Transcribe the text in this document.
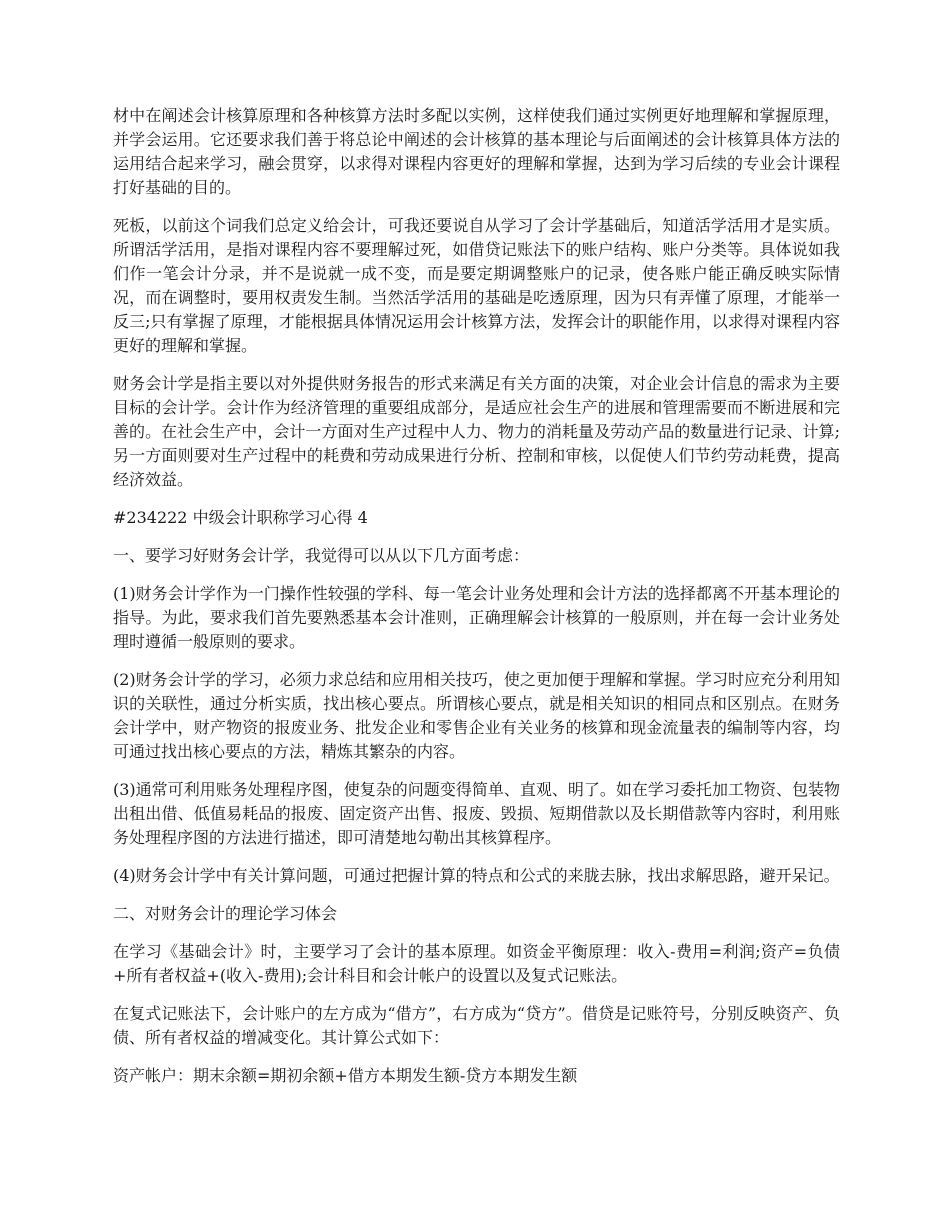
材中在阐述会计核算原理和各种核算方法时多配以实例，这样使我们通过实例更好地理解和掌握原理，并学会运用。它还要求我们善于将总论中阐述的会计核算的基本理论与后面阐述的会计核算具体方法的运用结合起来学习，融会贯穿，以求得对课程内容更好的理解和掌握，达到为学习后续的专业会计课程打好基础的目的。

死板，以前这个词我们总定义给会计，可我还要说自从学习了会计学基础后，知道活学活用才是实质。所谓活学活用，是指对课程内容不要理解过死，如借贷记账法下的账户结构、账户分类等。具体说如我们作一笔会计分录，并不是说就一成不变，而是要定期调整账户的记录，使各账户能正确反映实际情况，而在调整时，要用权责发生制。当然活学活用的基础是吃透原理，因为只有弄懂了原理，才能举一反三;只有掌握了原理，才能根据具体情况运用会计核算方法，发挥会计的职能作用，以求得对课程内容更好的理解和掌握。

财务会计学是指主要以对外提供财务报告的形式来满足有关方面的决策，对企业会计信息的需求为主要目标的会计学。会计作为经济管理的重要组成部分，是适应社会生产的进展和管理需要而不断进展和完善的。在社会生产中，会计一方面对生产过程中人力、物力的消耗量及劳动产品的数量进行记录、计算;另一方面则要对生产过程中的耗费和劳动成果进行分析、控制和审核，以促使人们节约劳动耗费，提高经济效益。

#234222 中级会计职称学习心得 4

一、要学习好财务会计学，我觉得可以从以下几方面考虑：

(1)财务会计学作为一门操作性较强的学科、每一笔会计业务处理和会计方法的选择都离不开基本理论的指导。为此，要求我们首先要熟悉基本会计准则，正确理解会计核算的一般原则，并在每一会计业务处理时遵循一般原则的要求。

(2)财务会计学的学习，必须力求总结和应用相关技巧，使之更加便于理解和掌握。学习时应充分利用知识的关联性，通过分析实质，找出核心要点。所谓核心要点，就是相关知识的相同点和区别点。在财务会计学中，财产物资的报废业务、批发企业和零售企业有关业务的核算和现金流量表的编制等内容，均可通过找出核心要点的方法，精炼其繁杂的内容。

(3)通常可利用账务处理程序图，使复杂的问题变得简单、直观、明了。如在学习委托加工物资、包装物出租出借、低值易耗品的报废、固定资产出售、报废、毁损、短期借款以及长期借款等内容时，利用账务处理程序图的方法进行描述，即可清楚地勾勒出其核算程序。

(4)财务会计学中有关计算问题，可通过把握计算的特点和公式的来胧去脉，找出求解思路，避开呆记。

二、对财务会计的理论学习体会

在学习《基础会计》时，主要学习了会计的基本原理。如资金平衡原理：收入-费用=利润;资产=负债+所有者权益+(收入-费用);会计科目和会计帐户的设置以及复式记账法。

在复式记账法下，会计账户的左方成为“借方”，右方成为“贷方”。借贷是记账符号，分别反映资产、负债、所有者权益的增减变化。其计算公式如下：

资产帐户：期末余额=期初余额+借方本期发生额-贷方本期发生额
